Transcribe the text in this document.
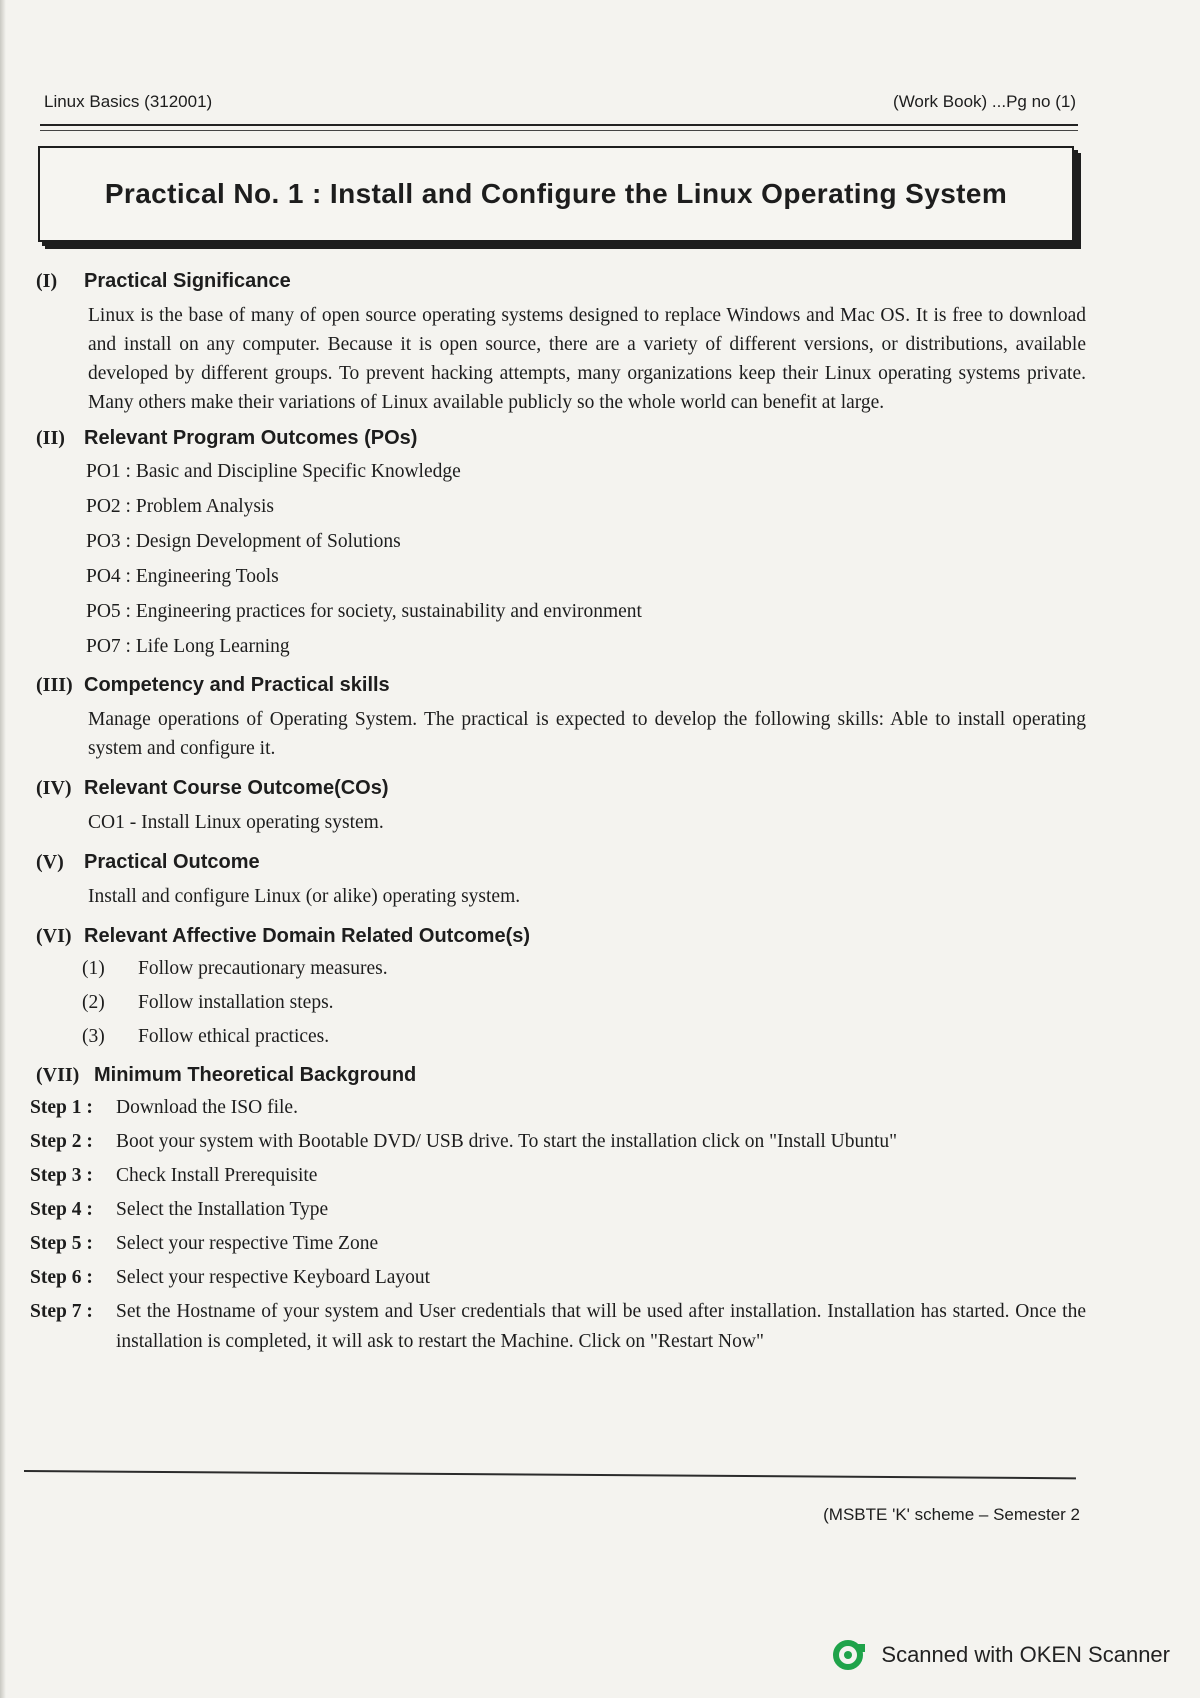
Linux Basics (312001)	(Work Book) ...Pg no (1)
Practical No. 1 : Install and Configure the Linux Operating System
(I)	Practical Significance

Linux is the base of many of open source operating systems designed to replace Windows and Mac OS. It is free to download and install on any computer. Because it is open source, there are a variety of different versions, or distributions, available developed by different groups. To prevent hacking attempts, many organizations keep their Linux operating systems private. Many others make their variations of Linux available publicly so the whole world can benefit at large.

(II) Relevant Program Outcomes (POs)
PO1 : Basic and Discipline Specific Knowledge
PO2 : Problem Analysis
PO3 : Design Development of Solutions
PO4 : Engineering Tools
PO5 : Engineering practices for society, sustainability and environment
PO7 : Life Long Learning
(III) Competency and Practical skills

Manage operations of Operating System. The practical is expected to develop the following skills: Able to install operating system and configure it.

(IV) Relevant Course Outcome(COs)

CO1 - Install Linux operating system.

(V)	Practical Outcome

Install and configure Linux (or alike) operating system.

(VI) Relevant Affective Domain Related Outcome(s)
(1)	Follow precautionary measures.
(2)	Follow installation steps.
(3)	Follow ethical practices.
(VII) Minimum Theoretical Background
Step 1 :	Download the ISO file.
Step 2 :	Boot your system with Bootable DVD/ USB drive. To start the installation click on "Install Ubuntu"
Step 3 :	Check Install Prerequisite
Step 4 :	Select the Installation Type
Step 5 :	Select your respective Time Zone
Step 6 :	Select your respective Keyboard Layout
Step 7 :	Set the Hostname of your system and User credentials that will be used after installation. Installation has started. Once the installation is completed, it will ask to restart the Machine. Click on "Restart Now"
(MSBTE 'K' scheme – Semester 2
Scanned with OKEN Scanner
